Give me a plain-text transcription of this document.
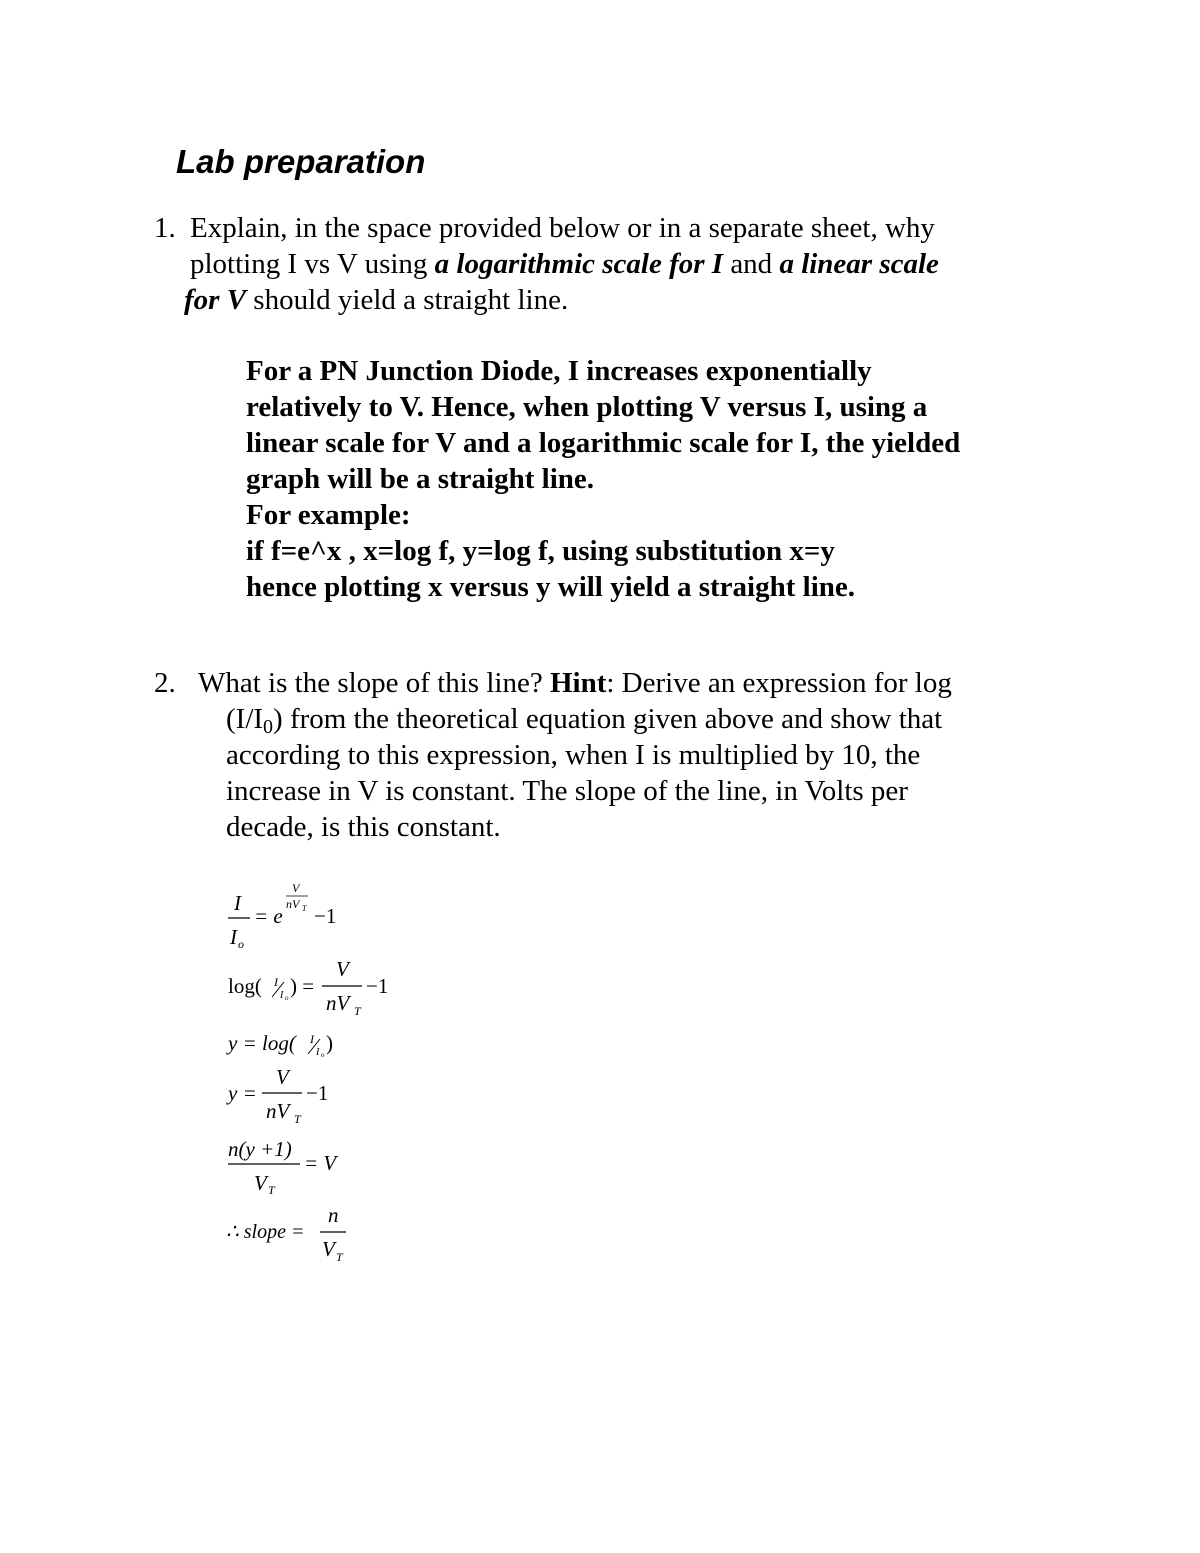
Lab preparation
1. Explain, in the space provided below or in a separate sheet, why
plotting I vs V using a logarithmic scale for I and a linear scale
for V should yield a straight line.
For a PN Junction Diode, I increases exponentially
relatively to V. Hence, when plotting V versus I, using a
linear scale for V and a logarithmic scale for I, the yielded
graph will be a straight line.
For example:
if f=e^x , x=log f, y=log f, using substitution x=y
hence plotting x versus y will yield a straight line.
2. What is the slope of this line? Hint: Derive an expression for log
$(I/I_0)$ from the theoretical equation given above and show that
according to this expression, when I is multiplied by 10, the
increase in V is constant. The slope of the line, in Volts per
decade, is this constant.
I
I o
= e
V
nV T −1
log( I
I o ) =
V
nV T
−1
y = log( I
I o )
y =
V
nV T
−1
n(y +1)
V T
= V
∴ slope =
n
V T
